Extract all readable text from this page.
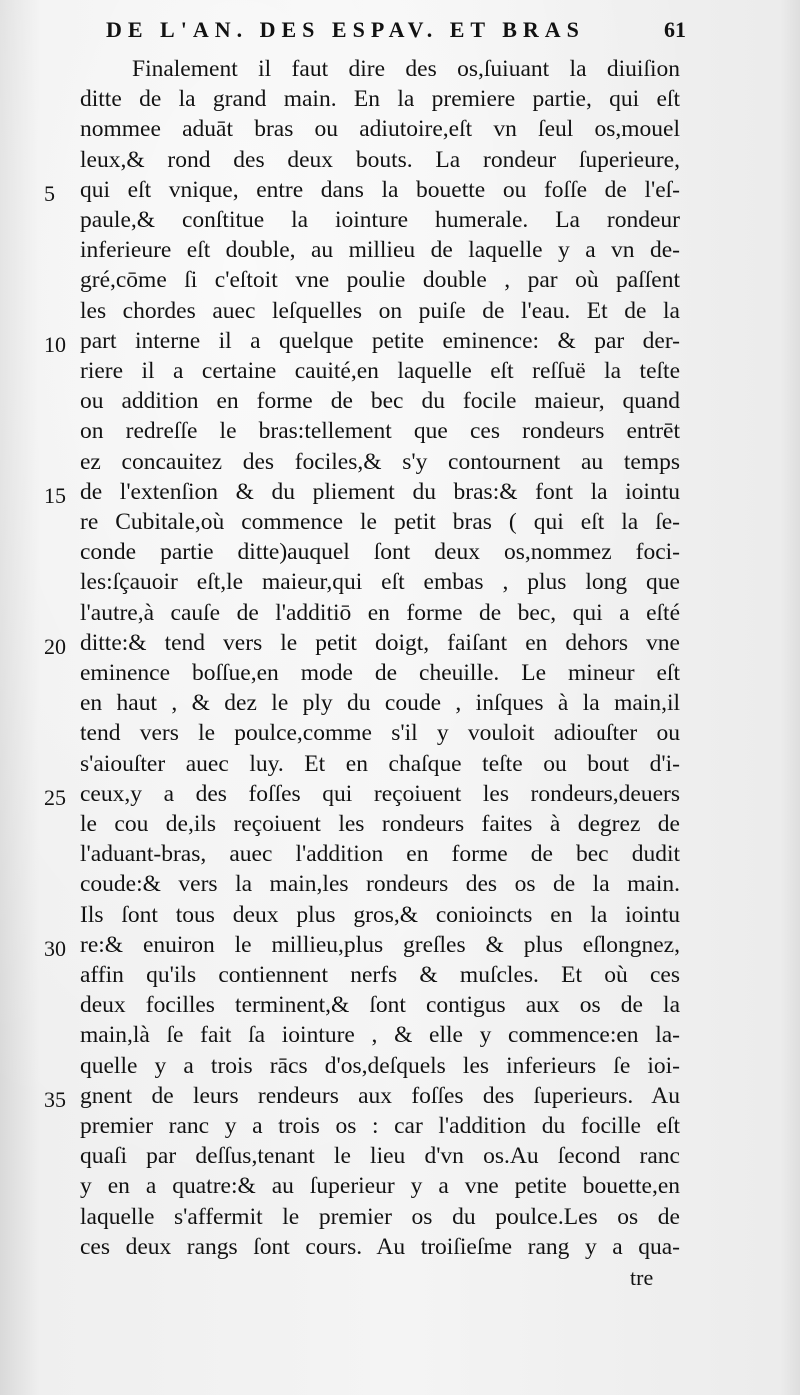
DE L'AN. DES ESPAV. ET BRAS	61
Finalement il faut dire des os,ſuiuant la diuiſion
ditte de la grand main. En la premiere partie, qui eſt
nommee aduāt bras ou adiutoire,eſt vn ſeul os,mouel
leux,& rond des deux bouts. La rondeur ſuperieure,
qui eſt vnique, entre dans la bouette ou foſſe de l'eſ-
paule,& conſtitue la iointure humerale. La rondeur
inferieure eſt double, au millieu de laquelle y a vn de-
gré,cōme ſi c'eſtoit vne poulie double , par où paſſent
les chordes auec leſquelles on puiſe de l'eau. Et de la
part interne il a quelque petite eminence: & par der-
riere il a certaine cauité,en laquelle eſt reſſuë la teſte
ou addition en forme de bec du focile maieur, quand
on redreſſe le bras:tellement que ces rondeurs entrēt
ez concauitez des fociles,& s'y contournent au temps
de l'extenſion & du pliement du bras:& font la iointu
re Cubitale,où commence le petit bras ( qui eſt la ſe-
conde partie ditte)auquel ſont deux os,nommez foci-
les:ſçauoir eſt,le maieur,qui eſt embas , plus long que
l'autre,à cauſe de l'additiō en forme de bec, qui a eſté
ditte:& tend vers le petit doigt, faiſant en dehors vne
eminence boſſue,en mode de cheuille. Le mineur eſt
en haut , & dez le ply du coude , inſques à la main,il
tend vers le poulce,comme s'il y vouloit adiouſter ou
s'aiouſter auec luy. Et en chaſque teſte ou bout d'i-
ceux,y a des foſſes qui reçoiuent les rondeurs,deuers
le cou de,ils reçoiuent les rondeurs faites à degrez de
l'aduant-bras, auec l'addition en forme de bec dudit
coude:& vers la main,les rondeurs des os de la main.
Ils ſont tous deux plus gros,& conioincts en la iointu
re:& enuiron le millieu,plus greſles & plus eſlongnez,
affin qu'ils contiennent nerfs & muſcles. Et où ces
deux focilles terminent,& ſont contigus aux os de la
main,là ſe fait ſa iointure , & elle y commence:en la-
quelle y a trois rācs d'os,deſquels les inferieurs ſe ioi-
gnent de leurs rendeurs aux foſſes des ſuperieurs. Au
premier ranc y a trois os : car l'addition du focille eſt
quaſi par deſſus,tenant le lieu d'vn os.Au ſecond ranc
y en a quatre:& au ſuperieur y a vne petite bouette,en
laquelle s'affermit le premier os du poulce.Les os de
ces deux rangs ſont cours. Au troiſieſme rang y a qua-
tre
5
10
15
20
25
30
35
